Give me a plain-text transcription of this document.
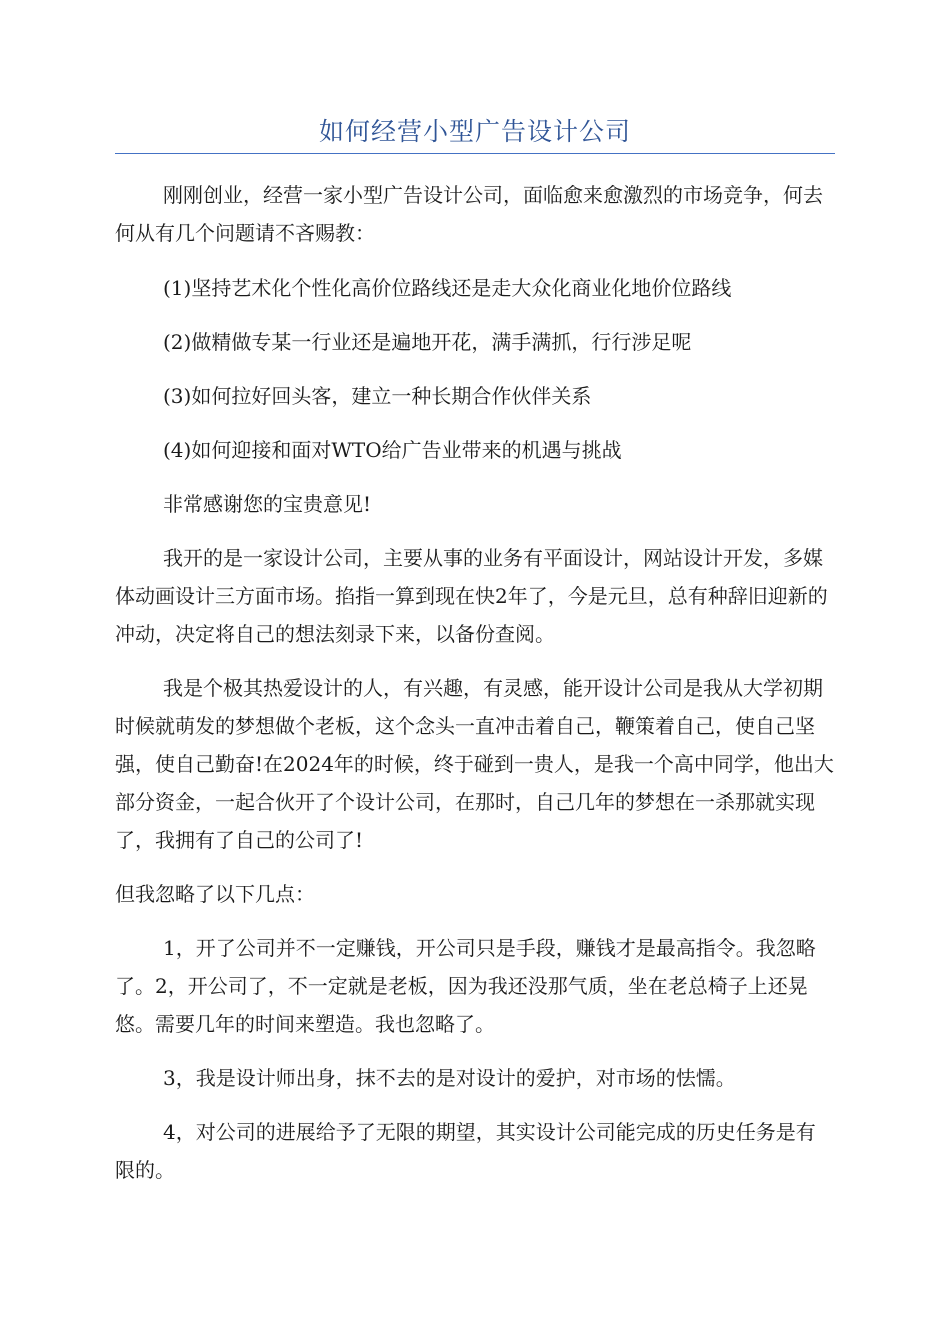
如何经营小型广告设计公司

刚刚创业，经营一家小型广告设计公司，面临愈来愈激烈的市场竞争，何去何从有几个问题请不吝赐教：

(1)坚持艺术化个性化高价位路线还是走大众化商业化地价位路线

(2)做精做专某一行业还是遍地开花，满手满抓，行行涉足呢

(3)如何拉好回头客，建立一种长期合作伙伴关系

(4)如何迎接和面对WTO给广告业带来的机遇与挑战

非常感谢您的宝贵意见!

我开的是一家设计公司，主要从事的业务有平面设计，网站设计开发，多媒体动画设计三方面市场。掐指一算到现在快2年了，今是元旦，总有种辞旧迎新的冲动，决定将自己的想法刻录下来，以备份查阅。

我是个极其热爱设计的人，有兴趣，有灵感，能开设计公司是我从大学初期时候就萌发的梦想做个老板，这个念头一直冲击着自己，鞭策着自己，使自己坚强，使自己勤奋!在2024年的时候，终于碰到一贵人，是我一个高中同学，他出大部分资金，一起合伙开了个设计公司，在那时，自己几年的梦想在一杀那就实现了，我拥有了自己的公司了!

但我忽略了以下几点：

1，开了公司并不一定赚钱，开公司只是手段，赚钱才是最高指令。我忽略了。2，开公司了，不一定就是老板，因为我还没那气质，坐在老总椅子上还晃悠。需要几年的时间来塑造。我也忽略了。

3，我是设计师出身，抹不去的是对设计的爱护，对市场的怯懦。

4，对公司的进展给予了无限的期望，其实设计公司能完成的历史任务是有限的。
